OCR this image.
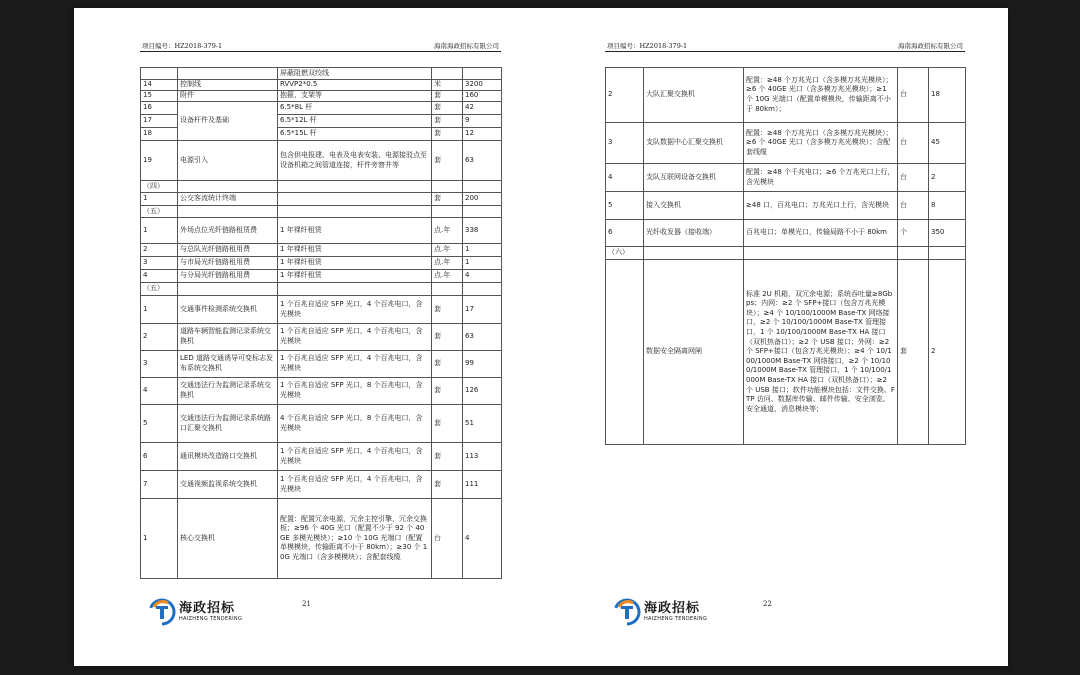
项目编号：HZ2018-379-1	海南海政招标有限公司
		屏蔽阻燃双绞线		
14	控制线	RVVP2*0.5	米	3200
15	附件	抱箍、支架等	套	160
16	设备杆件及基础	6.5*8L 杆	套	42
17		6.5*12L 杆	套	9
18		6.5*15L 杆	套	12
19	电源引入	包含供电报建、电表及电表安装、电源接驳点至设备机箱之间管道连接，杆件旁窨井等	套	63
（四）				
1	公交客流统计终端		套	200
（五）				
1	外场点位光纤链路租赁费	1 年裸纤租赁	点.年	338
2	与总队光纤链路租用费	1 年裸纤租赁	点.年	1
3	与市局光纤链路租用费	1 年裸纤租赁	点.年	1
4	与分局光纤链路租用费	1 年裸纤租赁	点.年	4
（五）				
1	交通事件检测系统交换机	1 个百兆自适应 SFP 光口，4 个百兆电口，含光模块	套	17
2	道路车辆智能监测记录系统交换机	1 个百兆自适应 SFP 光口，4 个百兆电口，含光模块	套	63
3	LED 道路交通诱导可变标志发布系统交换机	1 个百兆自适应 SFP 光口，4 个百兆电口，含光模块	套	99
4	交通违法行为监测记录系统交换机	1 个百兆自适应 SFP 光口，8 个百兆电口，含光模块	套	126
5	交通违法行为监测记录系统路口汇聚交换机	4 个百兆自适应 SFP 光口，8 个百兆电口，含光模块	套	51
6	通讯模块改造路口交换机	1 个百兆自适应 SFP 光口，4 个百兆电口，含光模块	套	113
7	交通视频监视系统交换机	1 个百兆自适应 SFP 光口，4 个百兆电口，含光模块	套	111
1	核心交换机	配置：配置冗余电源，冗余主控引擎，冗余交换板；≥96 个 40G 光口（配置不少于 92 个 40GE 多模光模块）；≥10 个 10G 光端口（配置单模模块，传输距离不小于 80km）；≥30 个 10G 光端口（含多模模块）；含配套线缆	台	4
海政招标
HAIZHENG TENDERING
21
项目编号：HZ2018-379-1	海南海政招标有限公司
2	大队汇聚交换机	配置：≥48 个万兆光口（含多模万兆光模块）；≥6 个 40GE 光口（含多模万兆光模块）；≥1 个 10G 光端口（配置单模模块，传输距离不小于 80km）；	台	18
3	支队数据中心汇聚交换机	配置：≥48 个万兆光口（含多模万兆光模块）；≥6 个 40GE 光口（含多模万兆光模块）；含配套线缆	台	45
4	支队互联网设备交换机	配置：≥48 个千兆电口；≥6 个万兆光口上行，含光模块	台	2
5	接入交换机	≥48 口，百兆电口；万兆光口上行，含光模块	台	8
6	光纤收发器（接收端）	百兆电口；单模光口，传输局路不小于 80km	个	350
（六）				
	数据安全隔离网闸	标准 2U 机箱，双冗余电源；系统吞吐量≥8Gbps；内网：≥2 个 SFP+接口（包含万兆光模块）；≥4 个 10/100/1000M Base-TX 网络接口，≥2 个 10/100/1000M Base-TX 管理接口，1 个 10/100/1000M Base-TX HA 接口（双机热备口）；≥2 个 USB 接口；外网：≥2 个 SFP+接口（包含万兆光模块）；≥4 个 10/100/1000M Base-TX 网络接口，≥2 个 10/100/1000M Base-TX 管理接口，1 个 10/100/1000M Base-TX HA 接口（双机热备口）；≥2 个 USB 接口；软件功能模块包括：文件交换、FTP 访问、数据库传输、邮件传输、安全浏览、安全通道、消息模块等；	套	2
海政招标
HAIZHENG TENDERING
22
